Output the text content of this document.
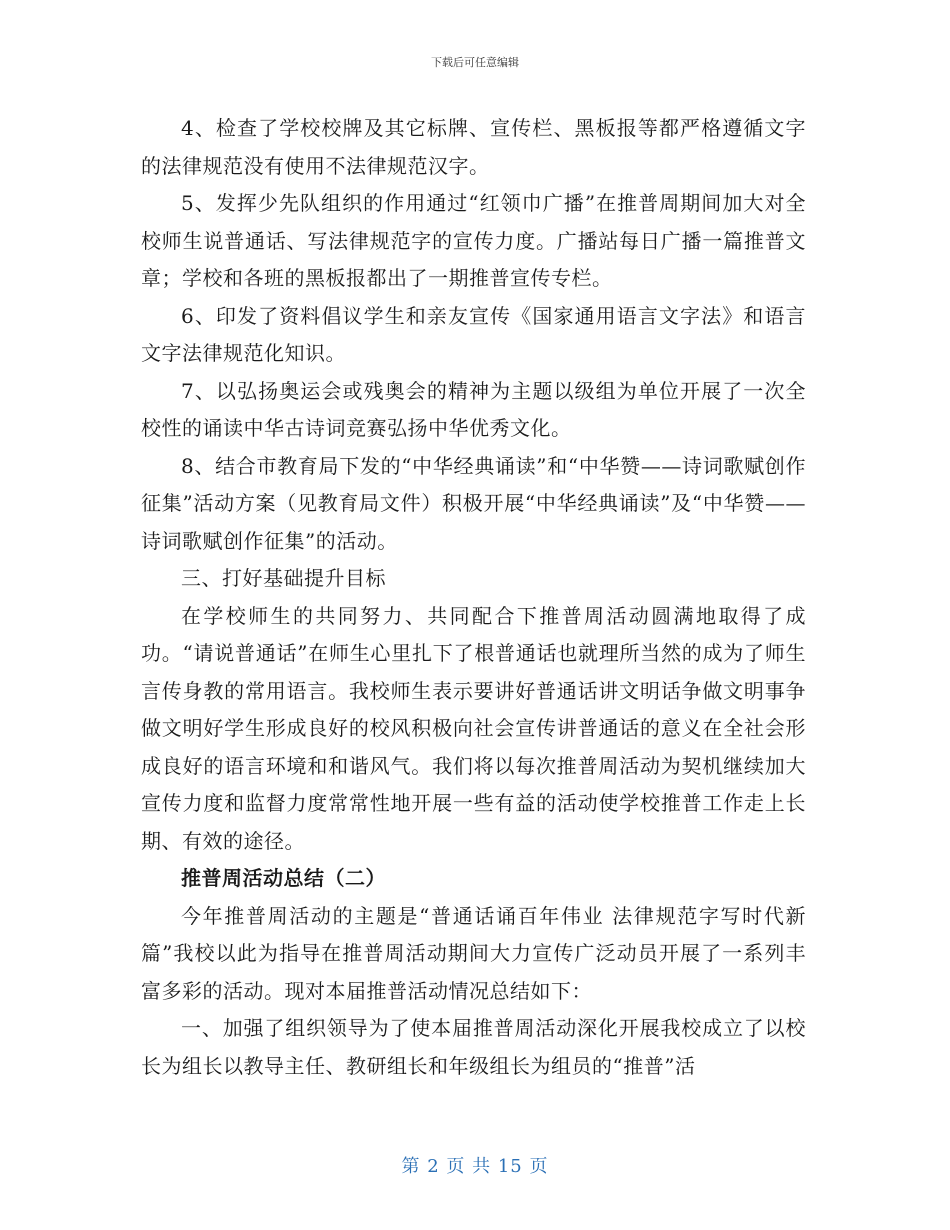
下载后可任意编辑

4、检查了学校校牌及其它标牌、宣传栏、黑板报等都严格遵循文字的法律规范没有使用不法律规范汉字。

5、发挥少先队组织的作用通过“红领巾广播”在推普周期间加大对全校师生说普通话、写法律规范字的宣传力度。广播站每日广播一篇推普文章；学校和各班的黑板报都出了一期推普宣传专栏。

6、印发了资料倡议学生和亲友宣传《国家通用语言文字法》和语言文字法律规范化知识。

7、以弘扬奥运会或残奥会的精神为主题以级组为单位开展了一次全校性的诵读中华古诗词竞赛弘扬中华优秀文化。

8、结合市教育局下发的“中华经典诵读”和“中华赞——诗词歌赋创作征集”活动方案（见教育局文件）积极开展“中华经典诵读”及“中华赞——诗词歌赋创作征集”的活动。

三、打好基础提升目标

在学校师生的共同努力、共同配合下推普周活动圆满地取得了成功。“请说普通话”在师生心里扎下了根普通话也就理所当然的成为了师生言传身教的常用语言。我校师生表示要讲好普通话讲文明话争做文明事争做文明好学生形成良好的校风积极向社会宣传讲普通话的意义在全社会形成良好的语言环境和和谐风气。我们将以每次推普周活动为契机继续加大宣传力度和监督力度常常性地开展一些有益的活动使学校推普工作走上长期、有效的途径。

推普周活动总结（二）

今年推普周活动的主题是“普通话诵百年伟业 法律规范字写时代新篇”我校以此为指导在推普周活动期间大力宣传广泛动员开展了一系列丰富多彩的活动。现对本届推普活动情况总结如下：

一、加强了组织领导为了使本届推普周活动深化开展我校成立了以校长为组长以教导主任、教研组长和年级组长为组员的“推普”活

第 2 页 共 15 页
